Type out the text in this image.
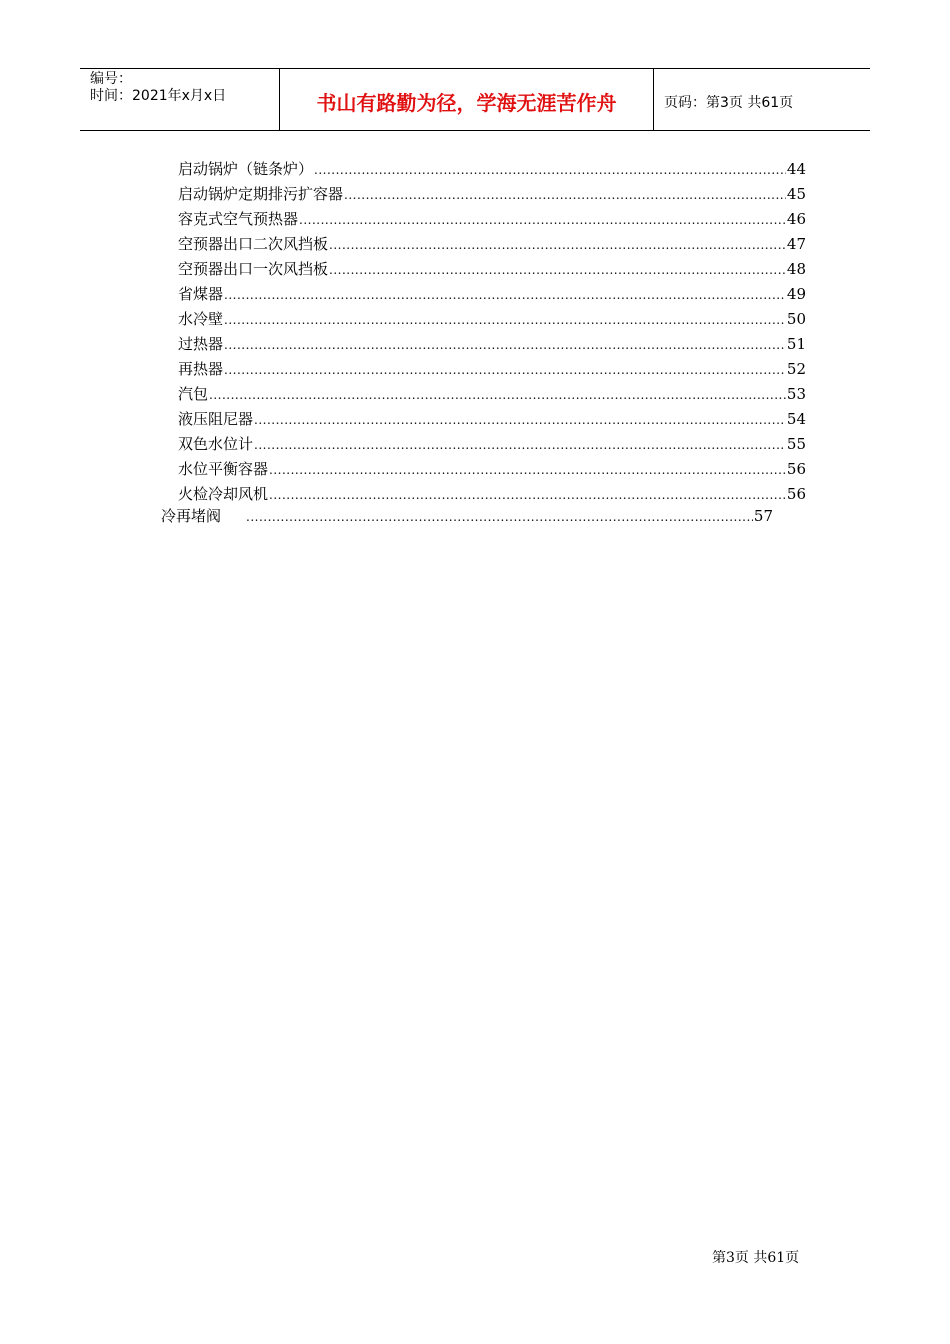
编号：
时间：2021年x月x日	书山有路勤为径，学海无涯苦作舟	页码：第3页 共61页
启动锅炉（链条炉） .....	44
启动锅炉定期排污扩容器 .....	45
容克式空气预热器 .....	46
空预器出口二次风挡板 .....	47
空预器出口一次风挡板 .....	48
省煤器 .....	49
水冷壁 .....	50
过热器 .....	51
再热器 .....	52
汽包 .....	53
液压阻尼器 .....	54
双色水位计 .....	55
水位平衡容器 .....	56
火检冷却风机 .....	56
冷再堵阀 .....	57
第3页 共61页
